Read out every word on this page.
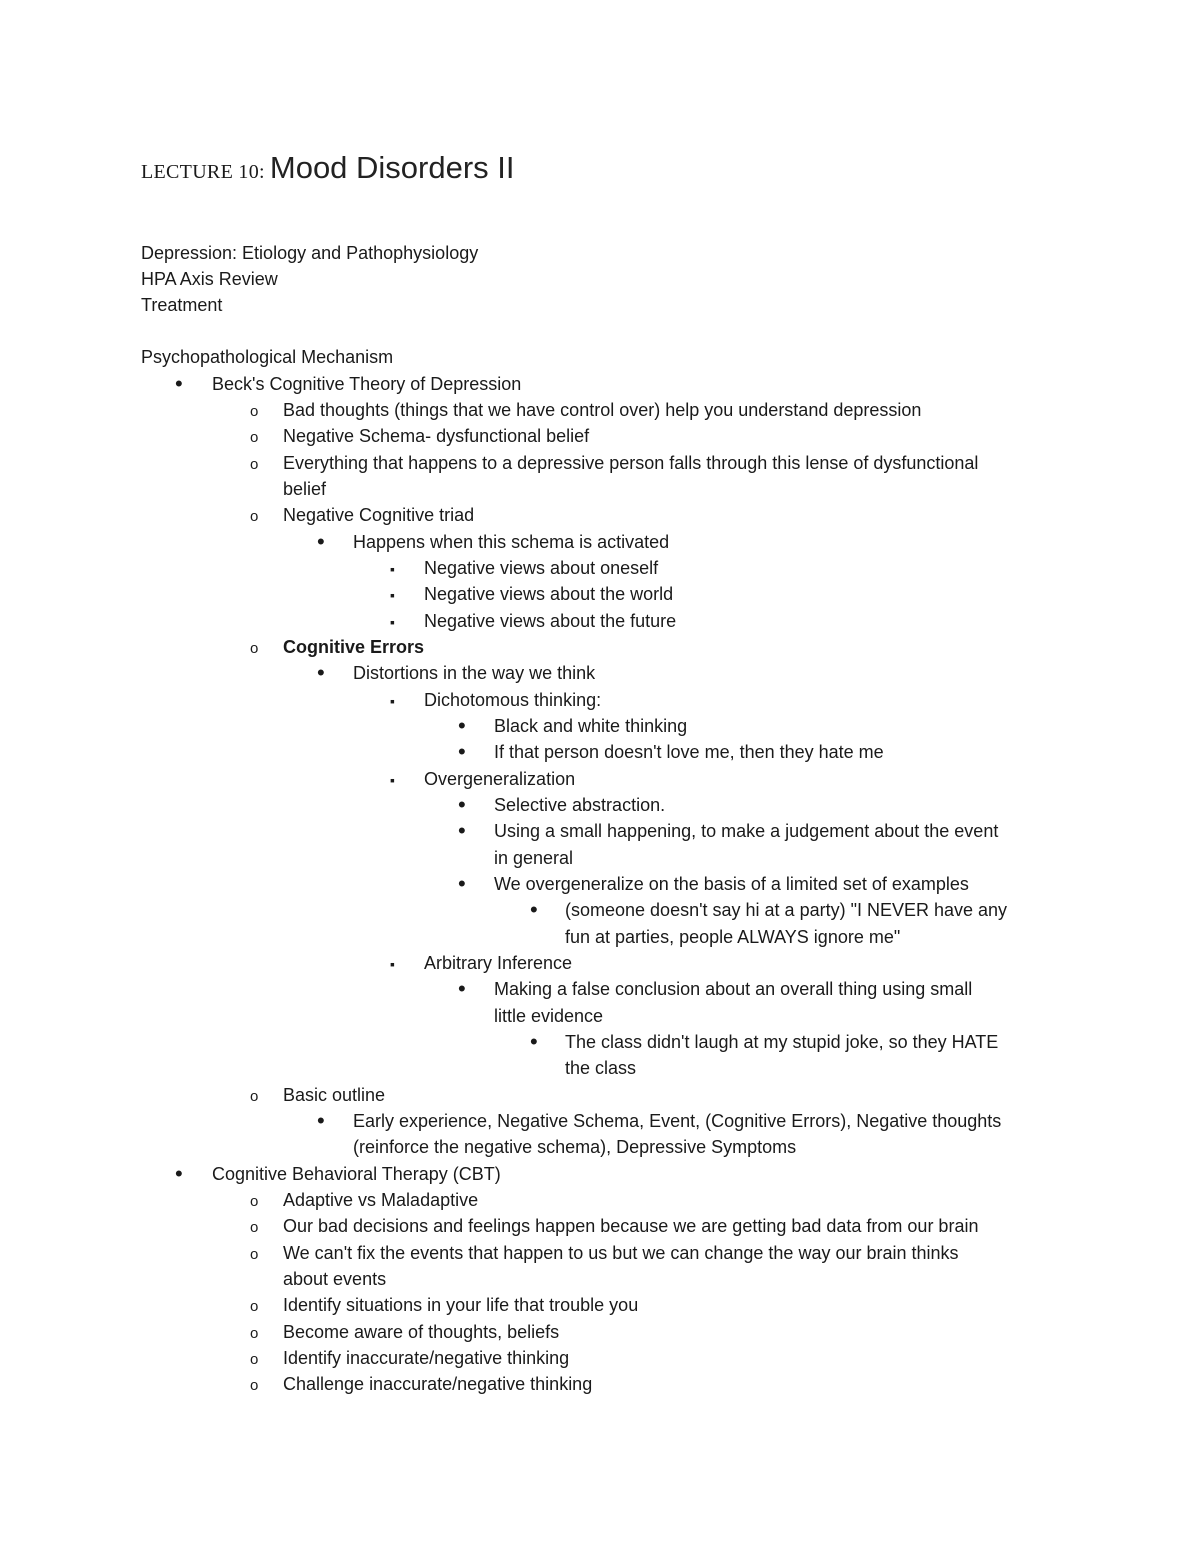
LECTURE 10: Mood Disorders II
Depression: Etiology and Pathophysiology
HPA Axis Review
Treatment
Psychopathological Mechanism
•
Beck's Cognitive Theory of Depression
o
Bad thoughts (things that we have control over) help you understand depression
o
Negative Schema- dysfunctional belief
o
Everything that happens to a depressive person falls through this lense of dysfunctional
belief
o
Negative Cognitive triad
•
Happens when this schema is activated
▪
Negative views about oneself
▪
Negative views about the world
▪
Negative views about the future
o
Cognitive Errors
•
Distortions in the way we think
▪
Dichotomous thinking:
•
Black and white thinking
•
If that person doesn't love me, then they hate me
▪
Overgeneralization
•
Selective abstraction.
•
Using a small happening, to make a judgement about the event
in general
•
We overgeneralize on the basis of a limited set of examples
•
(someone doesn't say hi at a party) "I NEVER have any
fun at parties, people ALWAYS ignore me"
▪
Arbitrary Inference
•
Making a false conclusion about an overall thing using small
little evidence
•
The class didn't laugh at my stupid joke, so they HATE
the class
o
Basic outline
•
Early experience, Negative Schema, Event, (Cognitive Errors), Negative thoughts
(reinforce the negative schema), Depressive Symptoms
•
Cognitive Behavioral Therapy (CBT)
o
Adaptive vs Maladaptive
o
Our bad decisions and feelings happen because we are getting bad data from our brain
o
We can't fix the events that happen to us but we can change the way our brain thinks
about events
o
Identify situations in your life that trouble you
o
Become aware of thoughts, beliefs
o
Identify inaccurate/negative thinking
o
Challenge inaccurate/negative thinking
